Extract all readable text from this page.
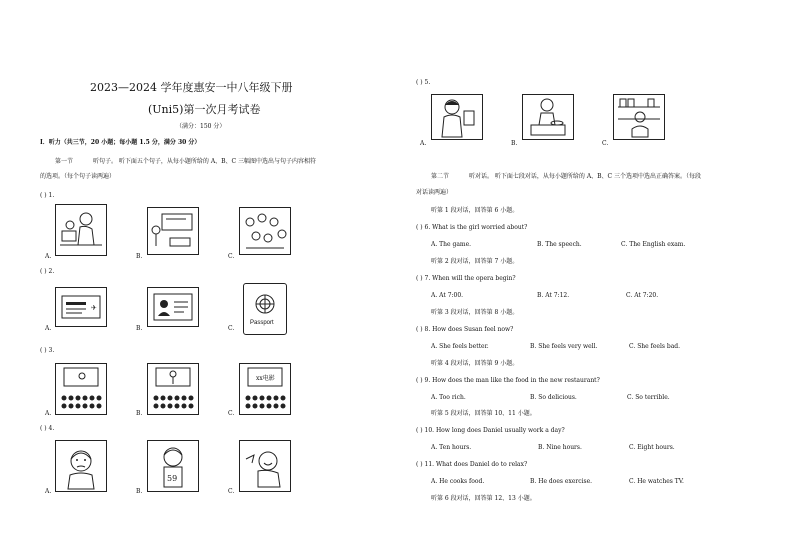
2023—2024 学年度惠安一中八年级下册
(Uni5)第一次月考试卷
（满分：150 分）
I．听力（共三节，20 小题；每小题 1.5 分，满分 30 分）
第一节	听句子。 听下面五个句子，从每小题所给的 A、B、C 三幅图中选出与句子内容相符
的选项。（每个句子读两遍）
( ) 1.
A.	B.	C.
( ) 2.
✈
A.	B.
Passport
C.
( ) 3.
A.	B.
xx电影
C.
( ) 4.
A.
59
B.	C.
( ) 5.
A.	B.	C.
第二节	听对话。 听下面七段对话，从每小题所给的 A、B、C 三个选项中选出正确答案。（每段
对话读两遍）
听第 1 段对话，回答第 6 小题。
( ) 6. What is the girl worried about?
A. The game.	B. The speech.	C. The English exam.
听第 2 段对话，回答第 7 小题。
( ) 7. When will the opera begin?
A. At 7:00.	B. At 7:12.	C. At 7:20.
听第 3 段对话，回答第 8 小题。
( ) 8. How does Susan feel now?
A. She feels better.	B. She feels very well.	C. She feels bad.
听第 4 段对话，回答第 9 小题。
( ) 9. How does the man like the food in the new restaurant?
A. Too rich.	B. So delicious.	C. So terrible.
听第 5 段对话，回答第 10、11 小题。
( ) 10. How long does Daniel usually work a day?
A. Ten hours.	B. Nine hours.	C. Eight hours.
( ) 11. What does Daniel do to relax?
A. He cooks food.	B. He does exercise.	C. He watches TV.
听第 6 段对话，回答第 12、13 小题。
